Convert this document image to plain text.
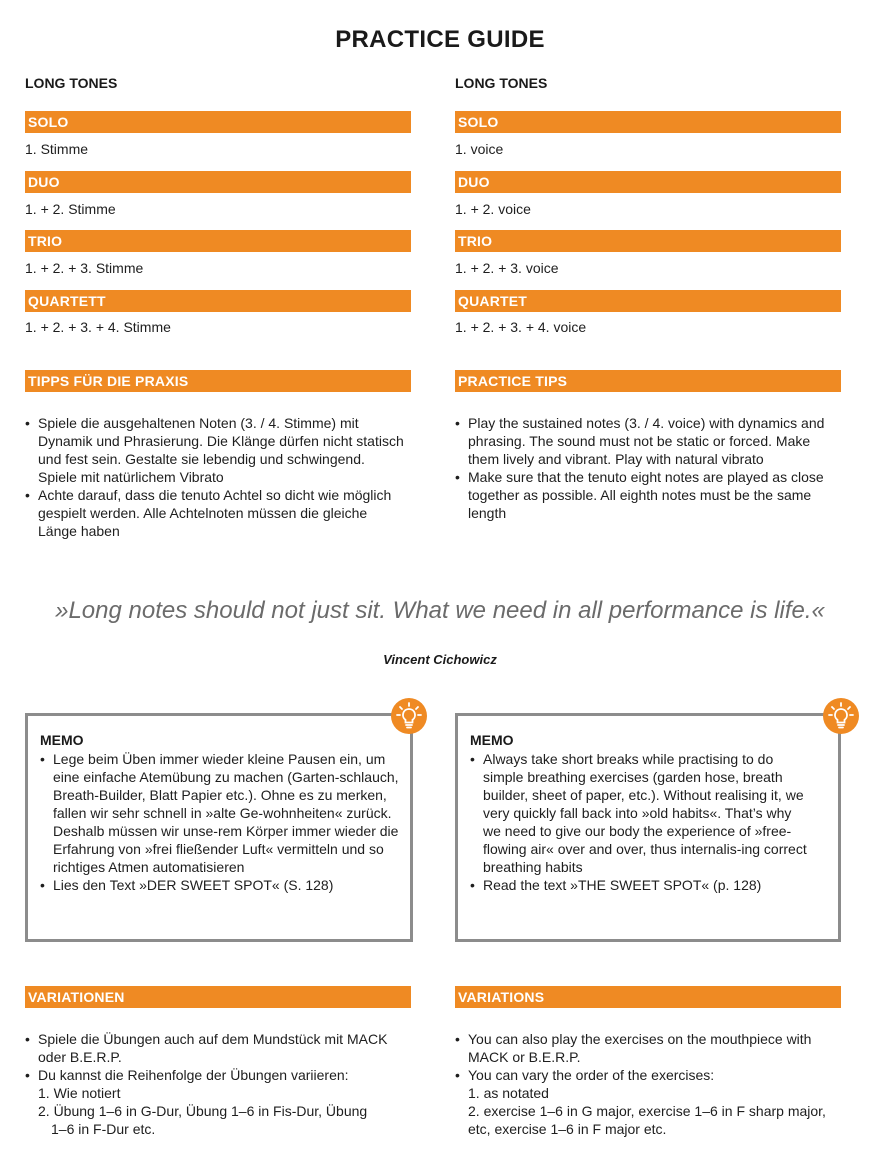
PRACTICE GUIDE
LONG TONES
SOLO
1. Stimme
DUO
1. + 2. Stimme
TRIO
1. + 2. + 3. Stimme
QUARTETT
1. + 2. + 3. + 4. Stimme
TIPPS FÜR DIE PRAXIS
• Spiele die ausgehaltenen Noten (3. / 4. Stimme) mit Dynamik und Phrasierung. Die Klänge dürfen nicht statisch und fest sein. Gestalte sie lebendig und schwingend. Spiele mit natürlichem Vibrato
• Achte darauf, dass die tenuto Achtel so dicht wie möglich gespielt werden. Alle Achtelnoten müssen die gleiche Länge haben
VARIATIONEN
• Spiele die Übungen auch auf dem Mundstück mit MACK oder B.E.R.P.
• Du kannst die Reihenfolge der Übungen variieren:
1. Wie notiert
2. Übung 1–6 in G-Dur, Übung 1–6 in Fis-Dur, Übung 1–6 in F-Dur etc.
LONG TONES
SOLO
1. voice
DUO
1. + 2. voice
TRIO
1. + 2. + 3. voice
QUARTET
1. + 2. + 3. + 4. voice
PRACTICE TIPS
• Play the sustained notes (3. / 4. voice) with dynamics and phrasing. The sound must not be static or forced. Make them lively and vibrant. Play with natural vibrato
• Make sure that the tenuto eight notes are played as close together as possible. All eighth notes must be the same length
VARIATIONS
• You can also play the exercises on the mouthpiece with MACK or B.E.R.P.
• You can vary the order of the exercises:
1. as notated
2. exercise 1–6 in G major, exercise 1–6 in F sharp major, etc, exercise 1–6 in F major etc.
»Long notes should not just sit. What we need in all performance is life.«
Vincent Cichowicz
MEMO
• Lege beim Üben immer wieder kleine Pausen ein, um eine einfache Atemübung zu machen (Garten-schlauch, Breath-Builder, Blatt Papier etc.). Ohne es zu merken, fallen wir sehr schnell in »alte Ge-wohnheiten« zurück. Deshalb müssen wir unse-rem Körper immer wieder die Erfahrung von »frei fließender Luft« vermitteln und so richtiges Atmen automatisieren
• Lies den Text »DER SWEET SPOT« (S. 128)
MEMO
• Always take short breaks while practising to do simple breathing exercises (garden hose, breath builder, sheet of paper, etc.). Without realising it, we very quickly fall back into »old habits«. That’s why we need to give our body the experience of »free-flowing air« over and over, thus internalis-ing correct breathing habits
• Read the text »THE SWEET SPOT« (p. 128)
